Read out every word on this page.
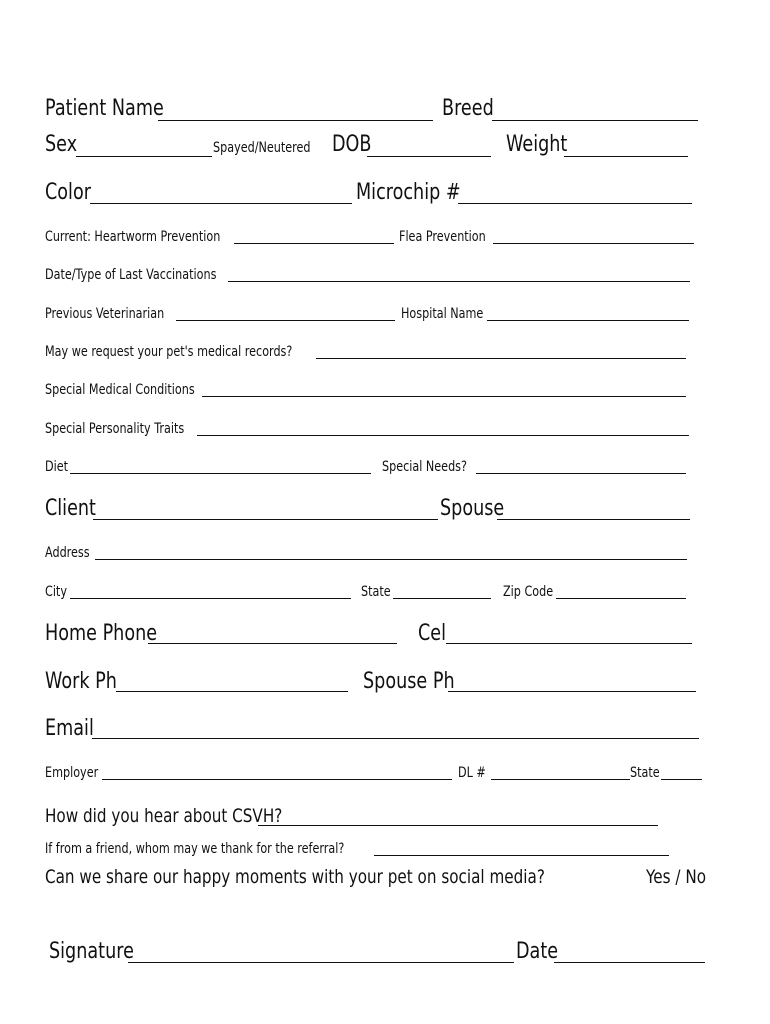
Patient Name	Breed
Sex	Spayed/Neutered DOB	Weight
Color	Microchip #
Current: Heartworm Prevention	Flea Prevention
Date/Type of Last Vaccinations
Previous Veterinarian	Hospital Name
May we request your pet's medical records?
Special Medical Conditions
Special Personality Traits
Diet	Special Needs?
Client	Spouse
Address
City	State	Zip Code
Home Phone	Cel
Work Ph	Spouse Ph
Email
Employer	DL #	State
How did you hear about CSVH?
If from a friend, whom may we thank for the referral?
Can we share our happy moments with your pet on social media?	Yes / No
Signature	Date
